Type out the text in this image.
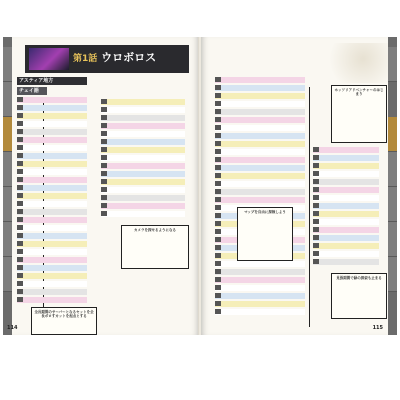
第1話 ウロボロス
アスティア地方
チェイ語
カメラを探せるようになる
全長期間のサーバーとなるセットを全長ボロすカットを起点とする
114
ホッツリアドベンチャーのはじまり
マップを自由に探検しよう
見張期間で緑の探索も止まる
115
